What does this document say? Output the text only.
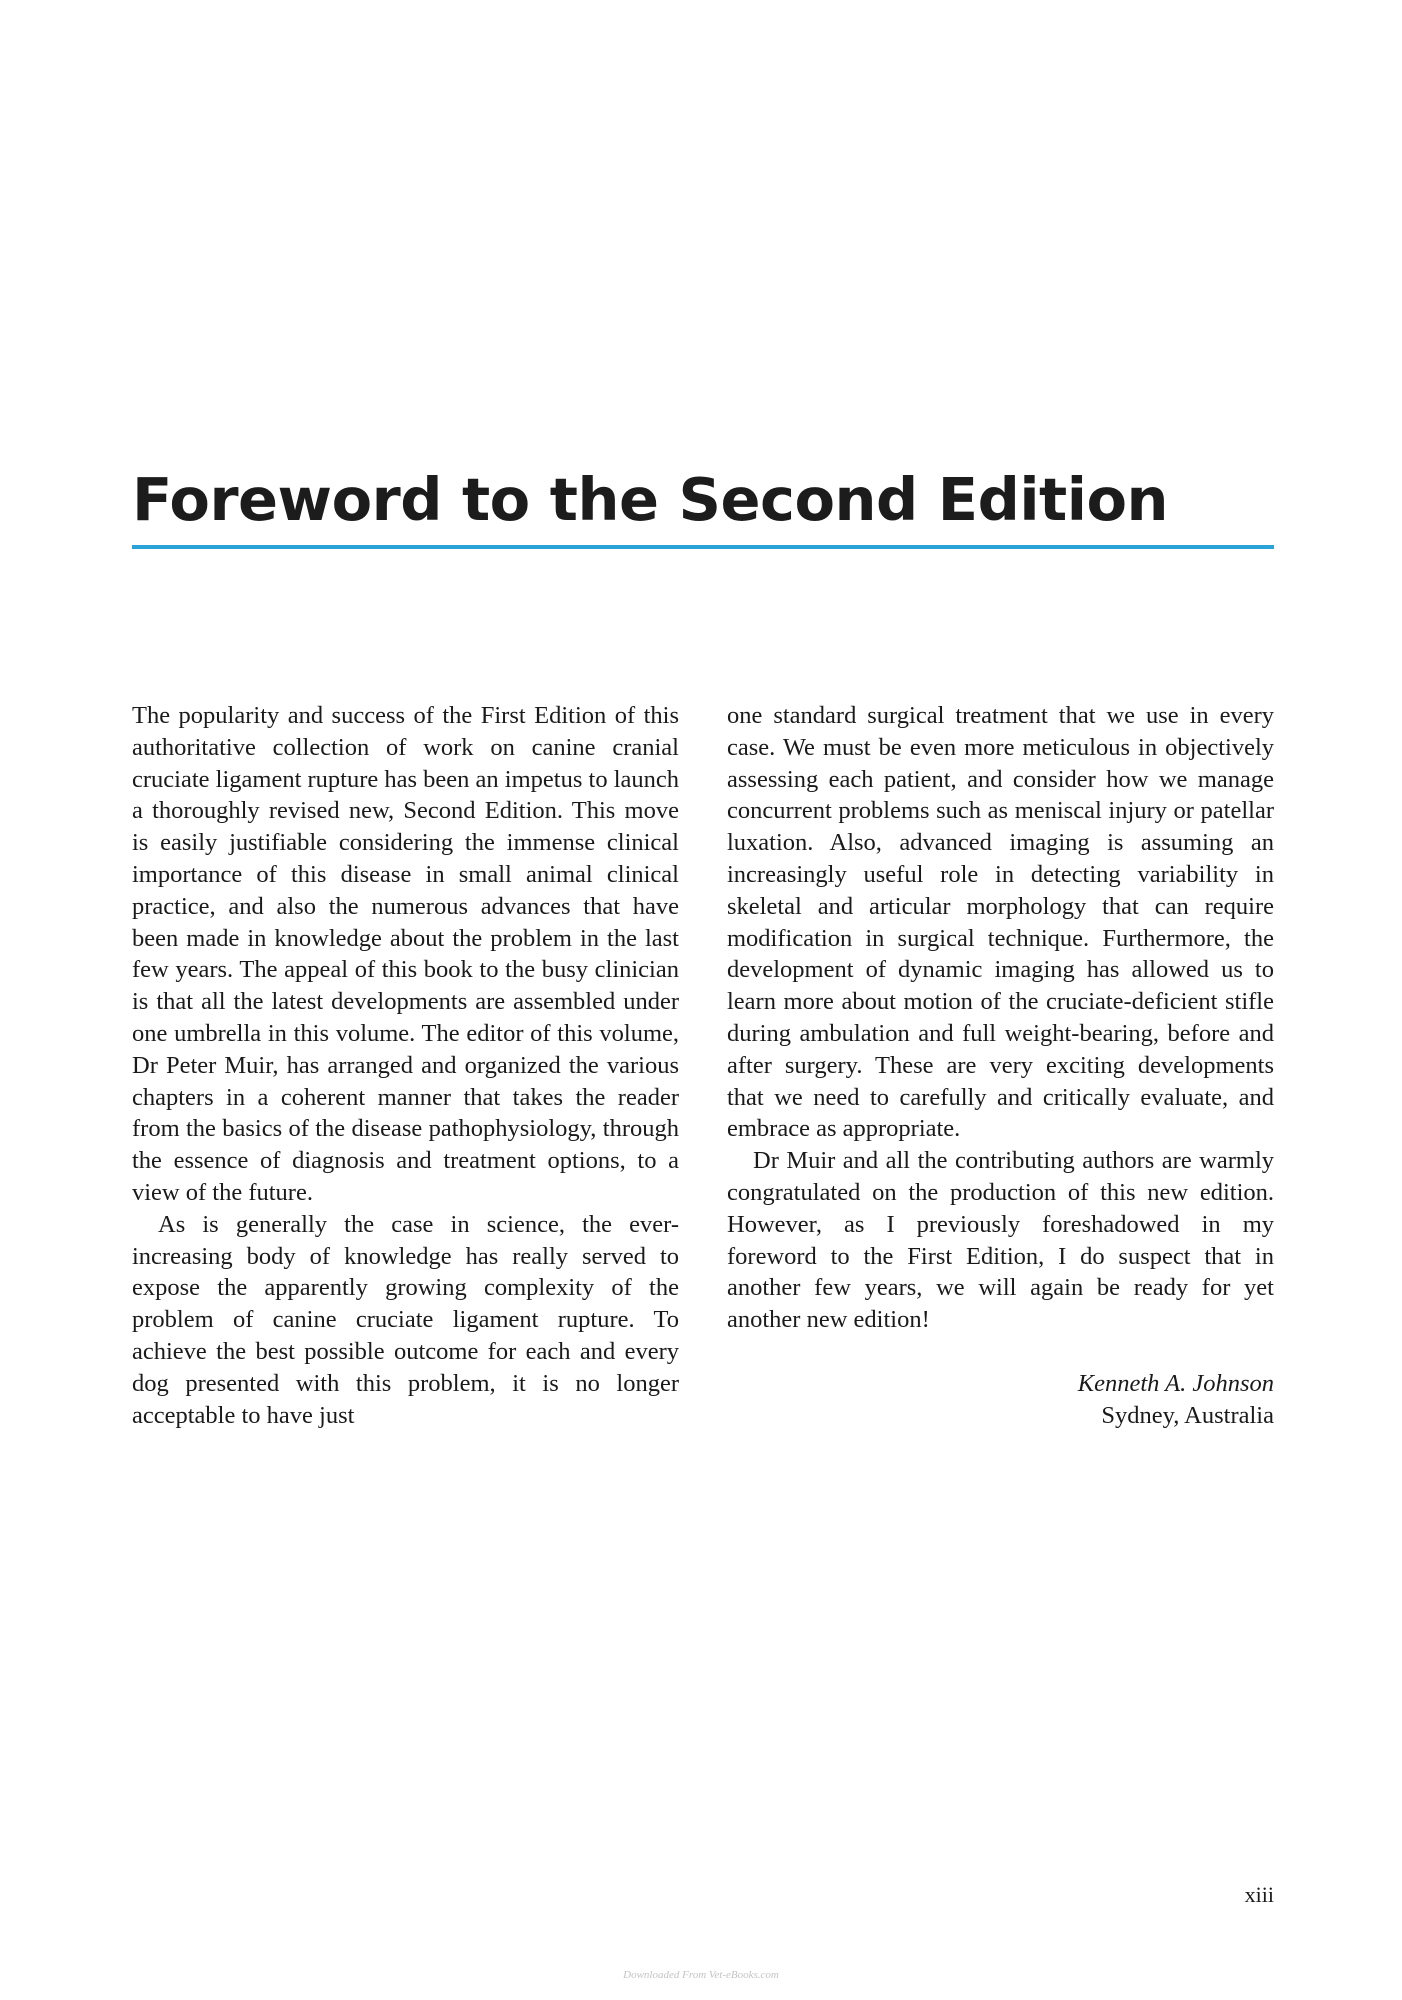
Foreword to the Second Edition

The popularity and success of the First Edition of this authoritative collection of work on canine cranial cruciate ligament rupture has been an impetus to launch a thoroughly revised new, Second Edition. This move is easily justifiable considering the immense clinical importance of this disease in small animal clinical practice, and also the numerous advances that have been made in knowledge about the problem in the last few years. The appeal of this book to the busy clinician is that all the latest developments are assembled under one umbrella in this volume. The editor of this volume, Dr Peter Muir, has arranged and organized the various chapters in a coherent manner that takes the reader from the basics of the disease pathophysiology, through the essence of diagnosis and treatment options, to a view of the future.

As is generally the case in science, the ever-increasing body of knowledge has really served to expose the apparently growing complexity of the problem of canine cruciate ligament rupture. To achieve the best possible outcome for each and every dog presented with this problem, it is no longer acceptable to have just

one standard surgical treatment that we use in every case. We must be even more meticulous in objectively assessing each patient, and consider how we manage concurrent problems such as meniscal injury or patellar luxation. Also, advanced imaging is assuming an increasingly useful role in detecting variability in skeletal and articular morphology that can require modification in surgical technique. Furthermore, the development of dynamic imaging has allowed us to learn more about motion of the cruciate-deficient stifle during ambulation and full weight-bearing, before and after surgery. These are very exciting developments that we need to carefully and critically evaluate, and embrace as appropriate.

Dr Muir and all the contributing authors are warmly congratulated on the production of this new edition. However, as I previously foreshadowed in my foreword to the First Edition, I do suspect that in another few years, we will again be ready for yet another new edition!

Kenneth A. Johnson
Sydney, Australia
xiii
Downloaded From Vet-eBooks.com
